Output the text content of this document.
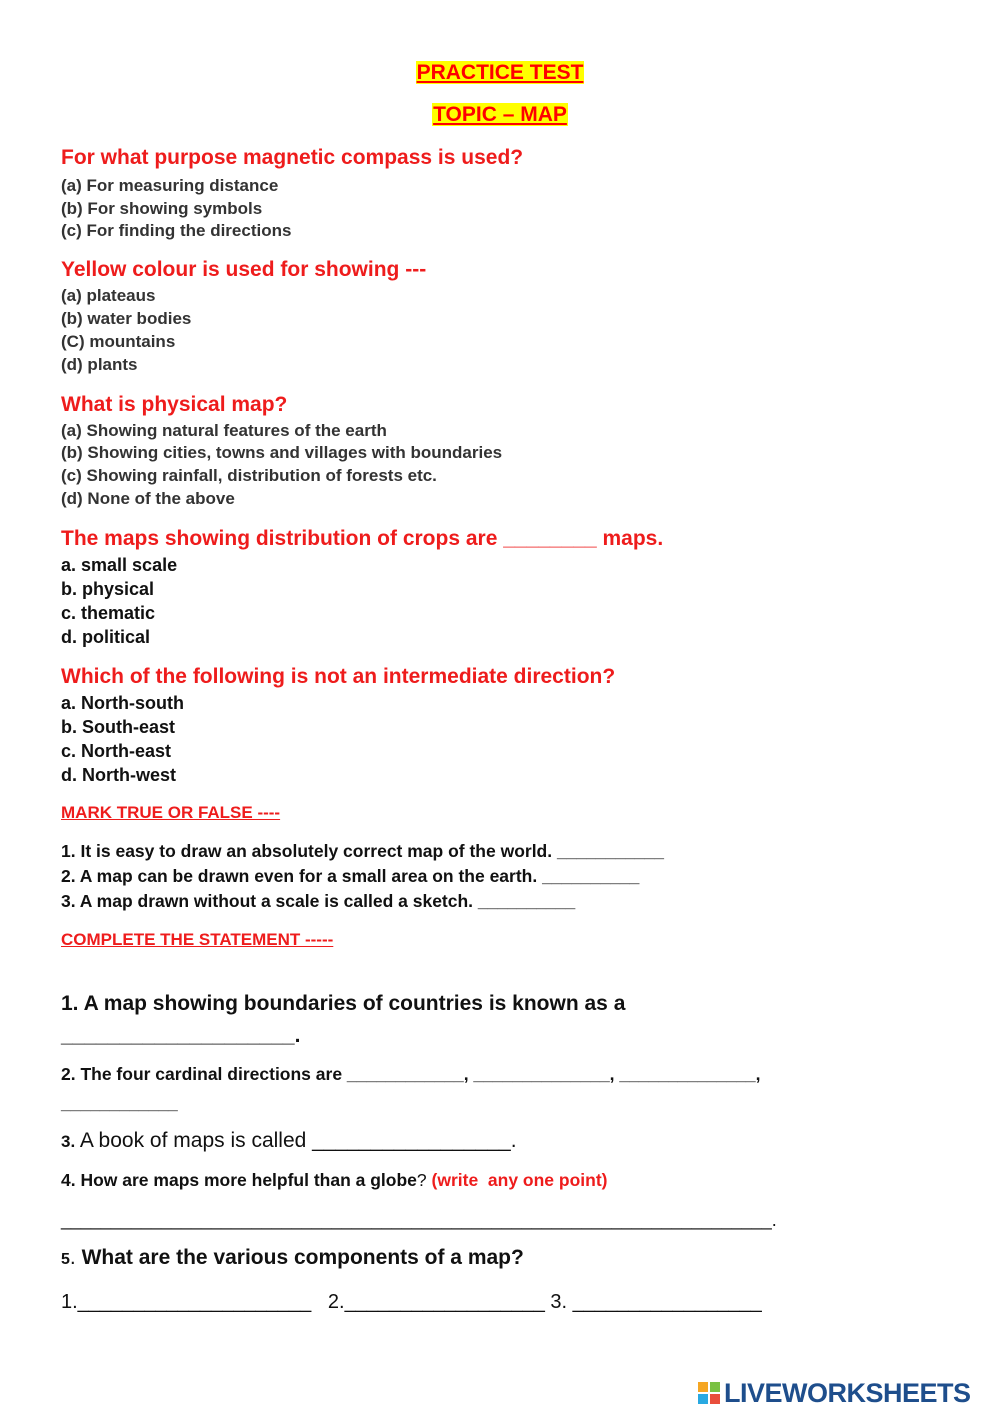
PRACTICE TEST

TOPIC – MAP

For what purpose magnetic compass is used?

(a) For measuring distance

(b) For showing symbols

(c) For finding the directions

Yellow colour is used for showing ---

(a) plateaus

(b) water bodies

(C) mountains

(d) plants

What is physical map?

(a) Showing natural features of the earth

(b) Showing cities, towns and villages with boundaries

(c) Showing rainfall, distribution of forests etc.

(d) None of the above

The maps showing distribution of crops are ________ maps.

a. small scale

b. physical

c. thematic

d. political

Which of the following is not an intermediate direction?

a. North-south

b. South-east

c. North-east

d. North-west

MARK TRUE OR FALSE ----

1. It is easy to draw an absolutely correct map of the world. ___________

2. A map can be drawn even for a small area on the earth. __________

3. A map drawn without a scale is called a sketch. __________

COMPLETE THE STATEMENT -----

1. A map showing boundaries of countries is known as a

____________________.

2. The four cardinal directions are ____________, ______________, ______________,

____________

3. A book of maps is called _________________.

4. How are maps more helpful than a globe? (write  any one point)

_______________________________________________________________________.

5. What are the various components of a map?

1._____________________   2.__________________ 3. _________________

LIVEWORKSHEETS
